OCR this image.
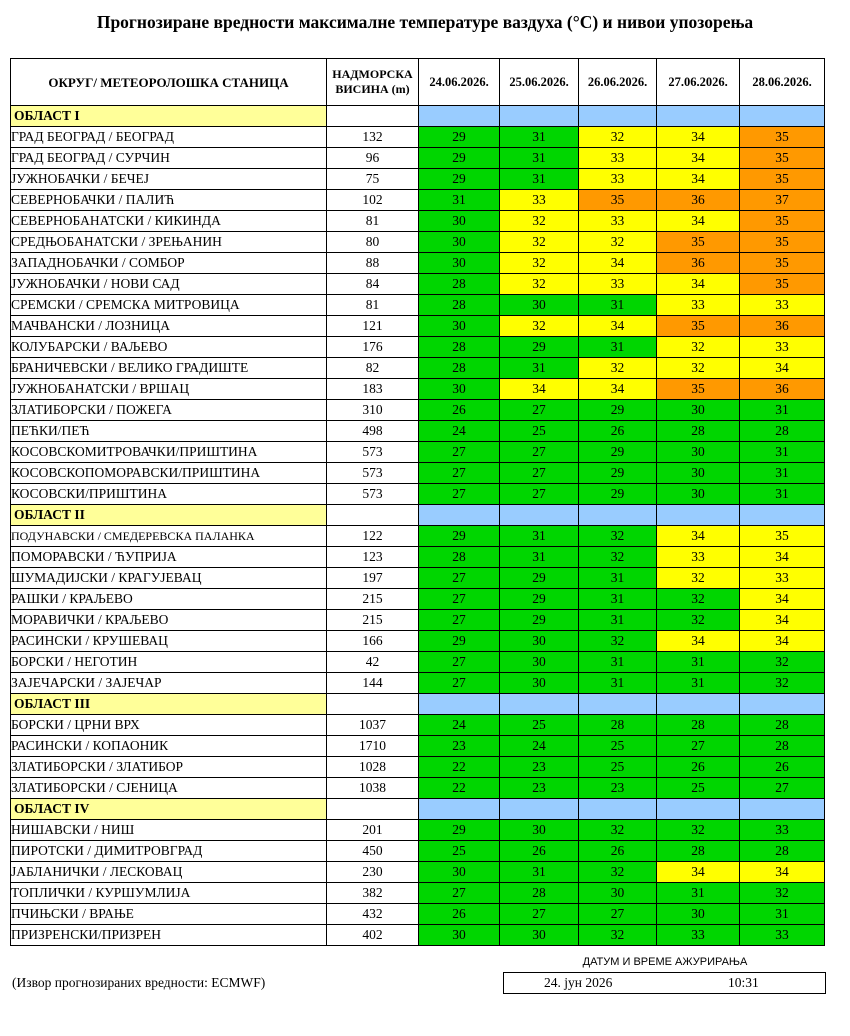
Прогнозиране вредности максималне температуре ваздуха (°C) и нивои упозорења
ОКРУГ/ МЕТЕОРОЛОШКА СТАНИЦА	НАДМОРСКА
ВИСИНА (m)	24.06.2026.	25.06.2026.	26.06.2026.	27.06.2026.	28.06.2026.
ОБЛАСТ I						
ГРАД БЕОГРАД / БЕОГРАД	132	29	31	32	34	35
ГРАД БЕОГРАД / СУРЧИН	96	29	31	33	34	35
ЈУЖНОБАЧКИ / БЕЧЕЈ	75	29	31	33	34	35
СЕВЕРНОБАЧКИ / ПАЛИЋ	102	31	33	35	36	37
СЕВЕРНОБАНАТСКИ / КИКИНДА	81	30	32	33	34	35
СРЕДЊОБАНАТСКИ / ЗРЕЊАНИН	80	30	32	32	35	35
ЗАПАДНОБАЧКИ / СОМБОР	88	30	32	34	36	35
ЈУЖНОБАЧКИ / НОВИ САД	84	28	32	33	34	35
СРЕМСКИ / СРЕМСКА МИТРОВИЦА	81	28	30	31	33	33
МАЧВАНСКИ / ЛОЗНИЦА	121	30	32	34	35	36
КОЛУБАРСКИ / ВАЉЕВО	176	28	29	31	32	33
БРАНИЧЕВСКИ / ВЕЛИКО ГРАДИШТЕ	82	28	31	32	32	34
ЈУЖНОБАНАТСКИ / ВРШАЦ	183	30	34	34	35	36
ЗЛАТИБОРСКИ / ПОЖЕГА	310	26	27	29	30	31
ПЕЋКИ/ПЕЋ	498	24	25	26	28	28
КОСОВСКОМИТРОВАЧКИ/ПРИШТИНА	573	27	27	29	30	31
КОСОВСКОПОМОРАВСКИ/ПРИШТИНА	573	27	27	29	30	31
КОСОВСКИ/ПРИШТИНА	573	27	27	29	30	31
ОБЛАСТ II						
ПОДУНАВСКИ / СМЕДЕРЕВСКА ПАЛАНКА	122	29	31	32	34	35
ПОМОРАВСКИ / ЋУПРИЈА	123	28	31	32	33	34
ШУМАДИЈСКИ / КРАГУЈЕВАЦ	197	27	29	31	32	33
РАШКИ / КРАЉЕВО	215	27	29	31	32	34
МОРАВИЧКИ / КРАЉЕВО	215	27	29	31	32	34
РАСИНСКИ / КРУШЕВАЦ	166	29	30	32	34	34
БОРСКИ / НЕГОТИН	42	27	30	31	31	32
ЗАЈЕЧАРСКИ / ЗАЈЕЧАР	144	27	30	31	31	32
ОБЛАСТ III						
БОРСКИ / ЦРНИ ВРХ	1037	24	25	28	28	28
РАСИНСКИ / КОПАОНИК	1710	23	24	25	27	28
ЗЛАТИБОРСКИ / ЗЛАТИБОР	1028	22	23	25	26	26
ЗЛАТИБОРСКИ / СЈЕНИЦА	1038	22	23	23	25	27
ОБЛАСТ IV						
НИШАВСКИ / НИШ	201	29	30	32	32	33
ПИРОТСКИ / ДИМИТРОВГРАД	450	25	26	26	28	28
ЈАБЛАНИЧКИ / ЛЕСКОВАЦ	230	30	31	32	34	34
ТОПЛИЧКИ / КУРШУМЛИЈА	382	27	28	30	31	32
ПЧИЊСКИ / ВРАЊЕ	432	26	27	27	30	31
ПРИЗРЕНСКИ/ПРИЗРЕН	402	30	30	32	33	33
ДАТУМ И ВРЕМЕ АЖУРИРАЊА
24. јун 2026	10:31
(Извор прогнозираних вредности: ECMWF)
